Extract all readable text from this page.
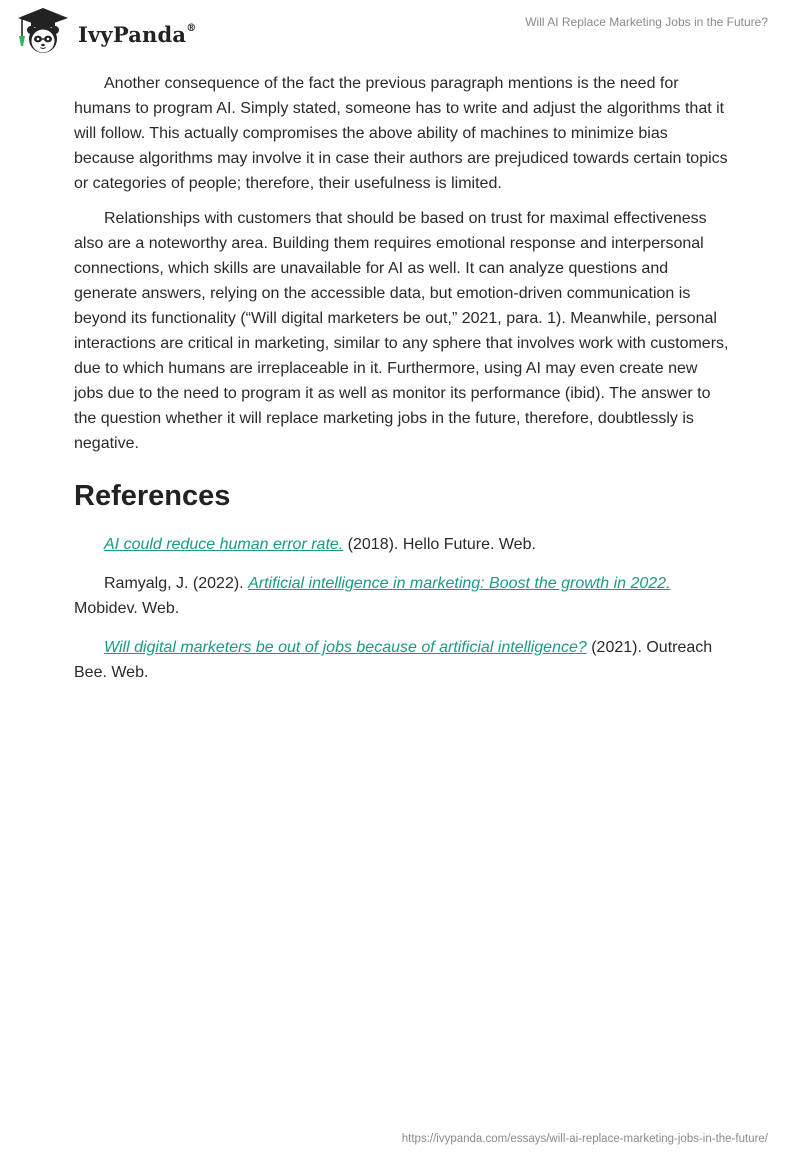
IvyPanda®	Will AI Replace Marketing Jobs in the Future?

Another consequence of the fact the previous paragraph mentions is the need for humans to program AI. Simply stated, someone has to write and adjust the algorithms that it will follow. This actually compromises the above ability of machines to minimize bias because algorithms may involve it in case their authors are prejudiced towards certain topics or categories of people; therefore, their usefulness is limited.

Relationships with customers that should be based on trust for maximal effectiveness also are a noteworthy area. Building them requires emotional response and interpersonal connections, which skills are unavailable for AI as well. It can analyze questions and generate answers, relying on the accessible data, but emotion-driven communication is beyond its functionality (“Will digital marketers be out,” 2021, para. 1). Meanwhile, personal interactions are critical in marketing, similar to any sphere that involves work with customers, due to which humans are irreplaceable in it. Furthermore, using AI may even create new jobs due to the need to program it as well as monitor its performance (ibid). The answer to the question whether it will replace marketing jobs in the future, therefore, doubtlessly is negative.

References

AI could reduce human error rate. (2018). Hello Future. Web.

Ramyalg, J. (2022). Artificial intelligence in marketing: Boost the growth in 2022. Mobidev. Web.

Will digital marketers be out of jobs because of artificial intelligence? (2021). Outreach Bee. Web.

https://ivypanda.com/essays/will-ai-replace-marketing-jobs-in-the-future/
